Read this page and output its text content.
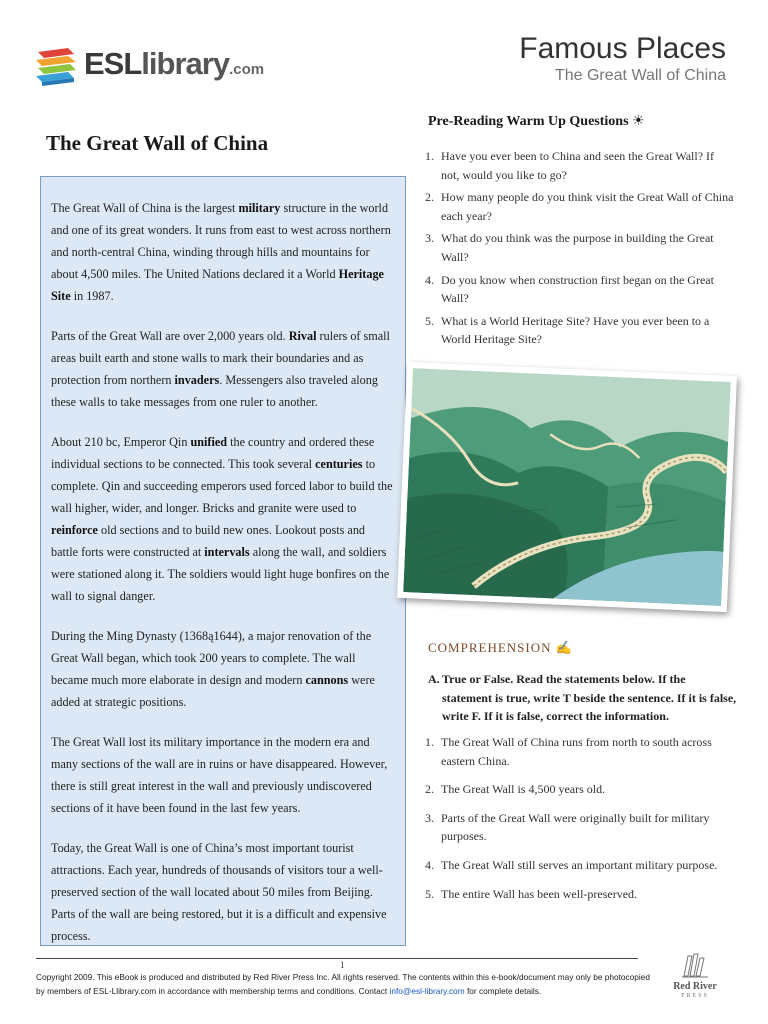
ESLlibrary.com
Famous Places
The Great Wall of China
The Great Wall of China

The Great Wall of China is the largest military structure in the world and one of its great wonders. It runs from east to west across northern and north-central China, winding through hills and mountains for about 4,500 miles. The United Nations declared it a World Heritage Site in 1987.

Parts of the Great Wall are over 2,000 years old. Rival rulers of small areas built earth and stone walls to mark their boundaries and as protection from northern invaders. Messengers also traveled along these walls to take messages from one ruler to another.

About 210 bc, Emperor Qin unified the country and ordered these individual sections to be connected. This took several centuries to complete. Qin and succeeding emperors used forced labor to build the wall higher, wider, and longer. Bricks and granite were used to reinforce old sections and to build new ones. Lookout posts and battle forts were constructed at intervals along the wall, and soldiers were stationed along it. The soldiers would light huge bonfires on the wall to signal danger.

During the Ming Dynasty (1368ą1644), a major renovation of the Great Wall began, which took 200 years to complete. The wall became much more elaborate in design and modern cannons were added at strategic positions.

The Great Wall lost its military importance in the modern era and many sections of the wall are in ruins or have disappeared. However, there is still great interest in the wall and previously undiscovered sections of it have been found in the last few years.

Today, the Great Wall is one of China’s most important tourist attractions. Each year, hundreds of thousands of visitors tour a well-preserved section of the wall located about 50 miles from Beijing. Parts of the wall are being restored, but it is a difficult and expensive process.

Pre-Reading Warm Up Questions ☀
1. Have you ever been to China and seen the Great Wall? If not, would you like to go?
2. How many people do you think visit the Great Wall of China each year?
3. What do you think was the purpose in building the Great Wall?
4. Do you know when construction first began on the Great Wall?
5. What is a World Heritage Site? Have you ever been to a World Heritage Site?
COMPREHENSION ✍
A. True or False. Read the statements below. If the statement is true, write T beside the sentence. If it is false, write F. If it is false, correct the information.
1. The Great Wall of China runs from north to south across eastern China.
2. The Great Wall is 4,500 years old.
3. Parts of the Great Wall were originally built for military purposes.
4. The Great Wall still serves an important military purpose.
5. The entire Wall has been well-preserved.
1
Copyright 2009. This eBook is produced and distributed by Red River Press Inc. All rights reserved. The contents within this e-book/document may only be photocopied by members of ESL-Llibrary.com in accordance with membership terms and conditions. Contact info@esl-library.com for complete details.	Red River
PRESS
